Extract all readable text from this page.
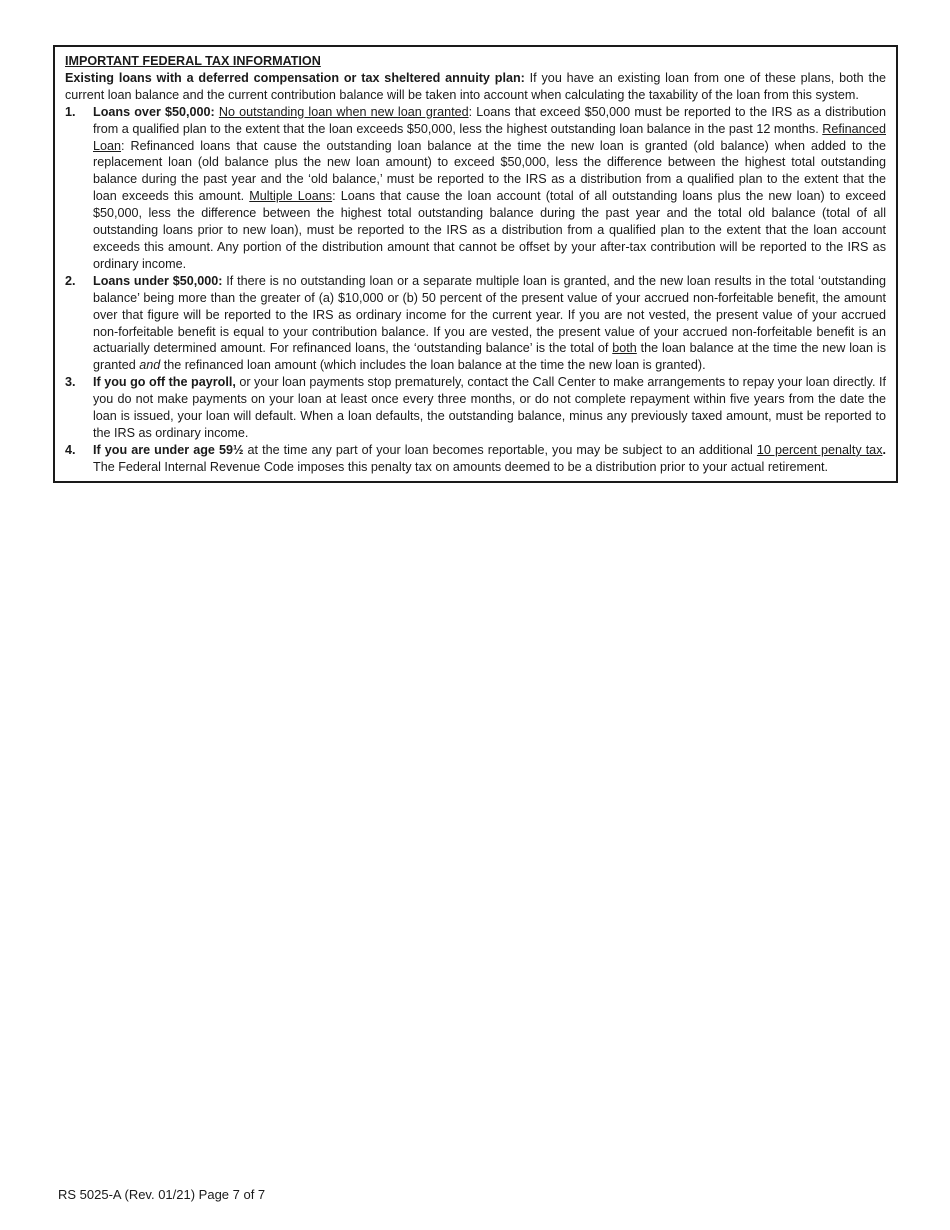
IMPORTANT FEDERAL TAX INFORMATION
Existing loans with a deferred compensation or tax sheltered annuity plan: If you have an existing loan from one of these plans, both the current loan balance and the current contribution balance will be taken into account when calculating the taxability of the loan from this system.
1. Loans over $50,000: No outstanding loan when new loan granted: Loans that exceed $50,000 must be reported to the IRS as a distribution from a qualified plan to the extent that the loan exceeds $50,000, less the highest outstanding loan balance in the past 12 months. Refinanced Loan: Refinanced loans that cause the outstanding loan balance at the time the new loan is granted (old balance) when added to the replacement loan (old balance plus the new loan amount) to exceed $50,000, less the difference between the highest total outstanding balance during the past year and the ‘old balance,’ must be reported to the IRS as a distribution from a qualified plan to the extent that the loan exceeds this amount. Multiple Loans: Loans that cause the loan account (total of all outstanding loans plus the new loan) to exceed $50,000, less the difference between the highest total outstanding balance during the past year and the total old balance (total of all outstanding loans prior to new loan), must be reported to the IRS as a distribution from a qualified plan to the extent that the loan account exceeds this amount. Any portion of the distribution amount that cannot be offset by your after-tax contribution will be reported to the IRS as ordinary income.
2. Loans under $50,000: If there is no outstanding loan or a separate multiple loan is granted, and the new loan results in the total ‘outstanding balance’ being more than the greater of (a) $10,000 or (b) 50 percent of the present value of your accrued non-forfeitable benefit, the amount over that figure will be reported to the IRS as ordinary income for the current year. If you are not vested, the present value of your accrued non-forfeitable benefit is equal to your contribution balance. If you are vested, the present value of your accrued non-forfeitable benefit is an actuarially determined amount. For refinanced loans, the ‘outstanding balance’ is the total of both the loan balance at the time the new loan is granted and the refinanced loan amount (which includes the loan balance at the time the new loan is granted).
3. If you go off the payroll, or your loan payments stop prematurely, contact the Call Center to make arrangements to repay your loan directly. If you do not make payments on your loan at least once every three months, or do not complete repayment within five years from the date the loan is issued, your loan will default. When a loan defaults, the outstanding balance, minus any previously taxed amount, must be reported to the IRS as ordinary income.
4. If you are under age 59½ at the time any part of your loan becomes reportable, you may be subject to an additional 10 percent penalty tax. The Federal Internal Revenue Code imposes this penalty tax on amounts deemed to be a distribution prior to your actual retirement.
RS 5025-A (Rev. 01/21) Page 7 of 7
